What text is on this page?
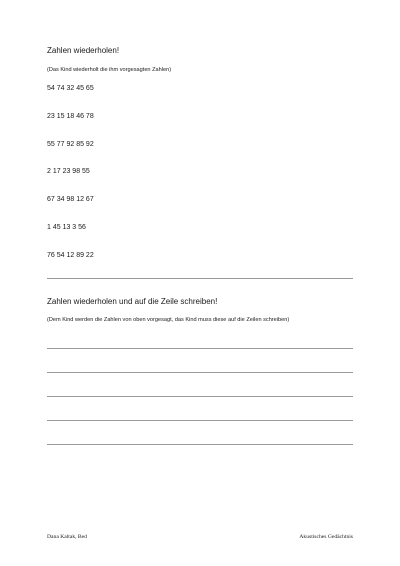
Zahlen wiederholen!
(Das Kind wiederholt die ihm vorgesagten Zahlen)
54 74 32 45 65
23 15 18 46 78
55 77 92 85 92
2 17 23 98 55
67 34 98 12 67
1 45 13 3 56
76 54 12 89 22
Zahlen wiederholen und auf die Zeile schreiben!
(Dem Kind werden die Zahlen von oben vorgesagt, das Kind muss diese auf die Zeilen schreiben)
Dana Kaltak, Bed	Akustisches Gedächtnis
